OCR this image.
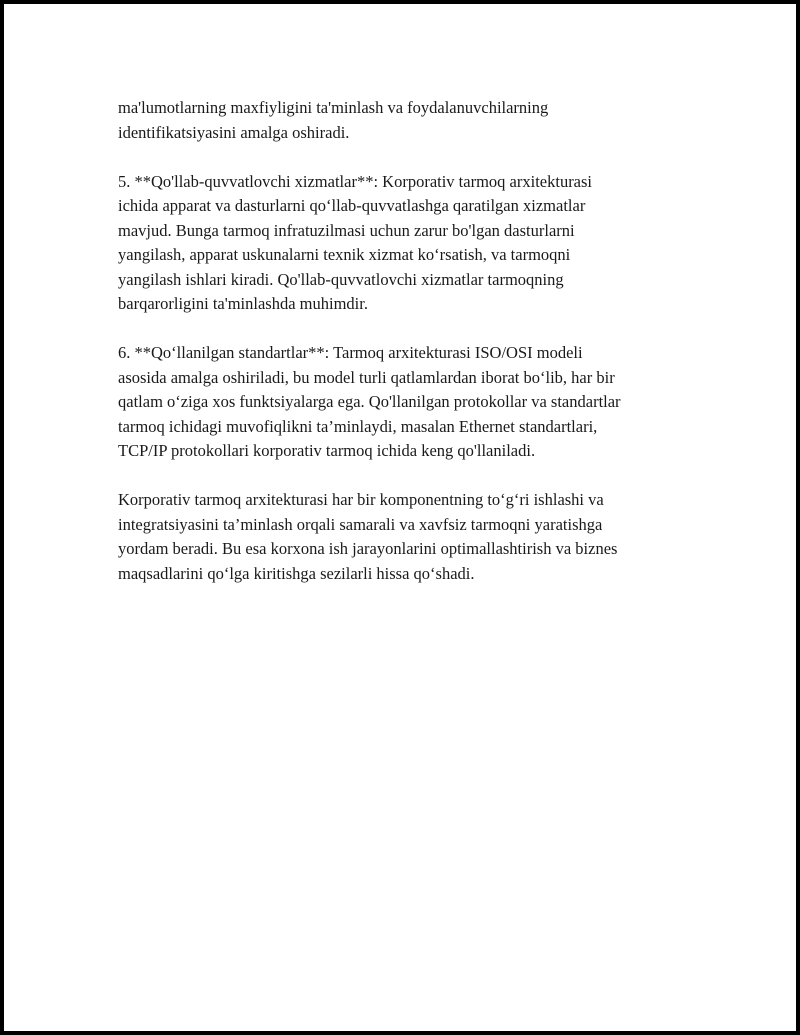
ma'lumotlarning maxfiyligini ta'minlash va foydalanuvchilarning
identifikatsiyasini amalga oshiradi.

5. **Qo'llab-quvvatlovchi xizmatlar**: Korporativ tarmoq arxitekturasi
ichida apparat va dasturlarni qo‘llab-quvvatlashga qaratilgan xizmatlar
mavjud. Bunga tarmoq infratuzilmasi uchun zarur bo'lgan dasturlarni
yangilash, apparat uskunalarni texnik xizmat ko‘rsatish, va tarmoqni
yangilash ishlari kiradi. Qo'llab-quvvatlovchi xizmatlar tarmoqning
barqarorligini ta'minlashda muhimdir.

6. **Qo‘llanilgan standartlar**: Tarmoq arxitekturasi ISO/OSI modeli
asosida amalga oshiriladi, bu model turli qatlamlardan iborat bo‘lib, har bir
qatlam o‘ziga xos funktsiyalarga ega. Qo'llanilgan protokollar va standartlar
tarmoq ichidagi muvofiqlikni ta’minlaydi, masalan Ethernet standartlari,
TCP/IP protokollari korporativ tarmoq ichida keng qo'llaniladi.

Korporativ tarmoq arxitekturasi har bir komponentning to‘g‘ri ishlashi va
integratsiyasini ta’minlash orqali samarali va xavfsiz tarmoqni yaratishga
yordam beradi. Bu esa korxona ish jarayonlarini optimallashtirish va biznes
maqsadlarini qo‘lga kiritishga sezilarli hissa qo‘shadi.
